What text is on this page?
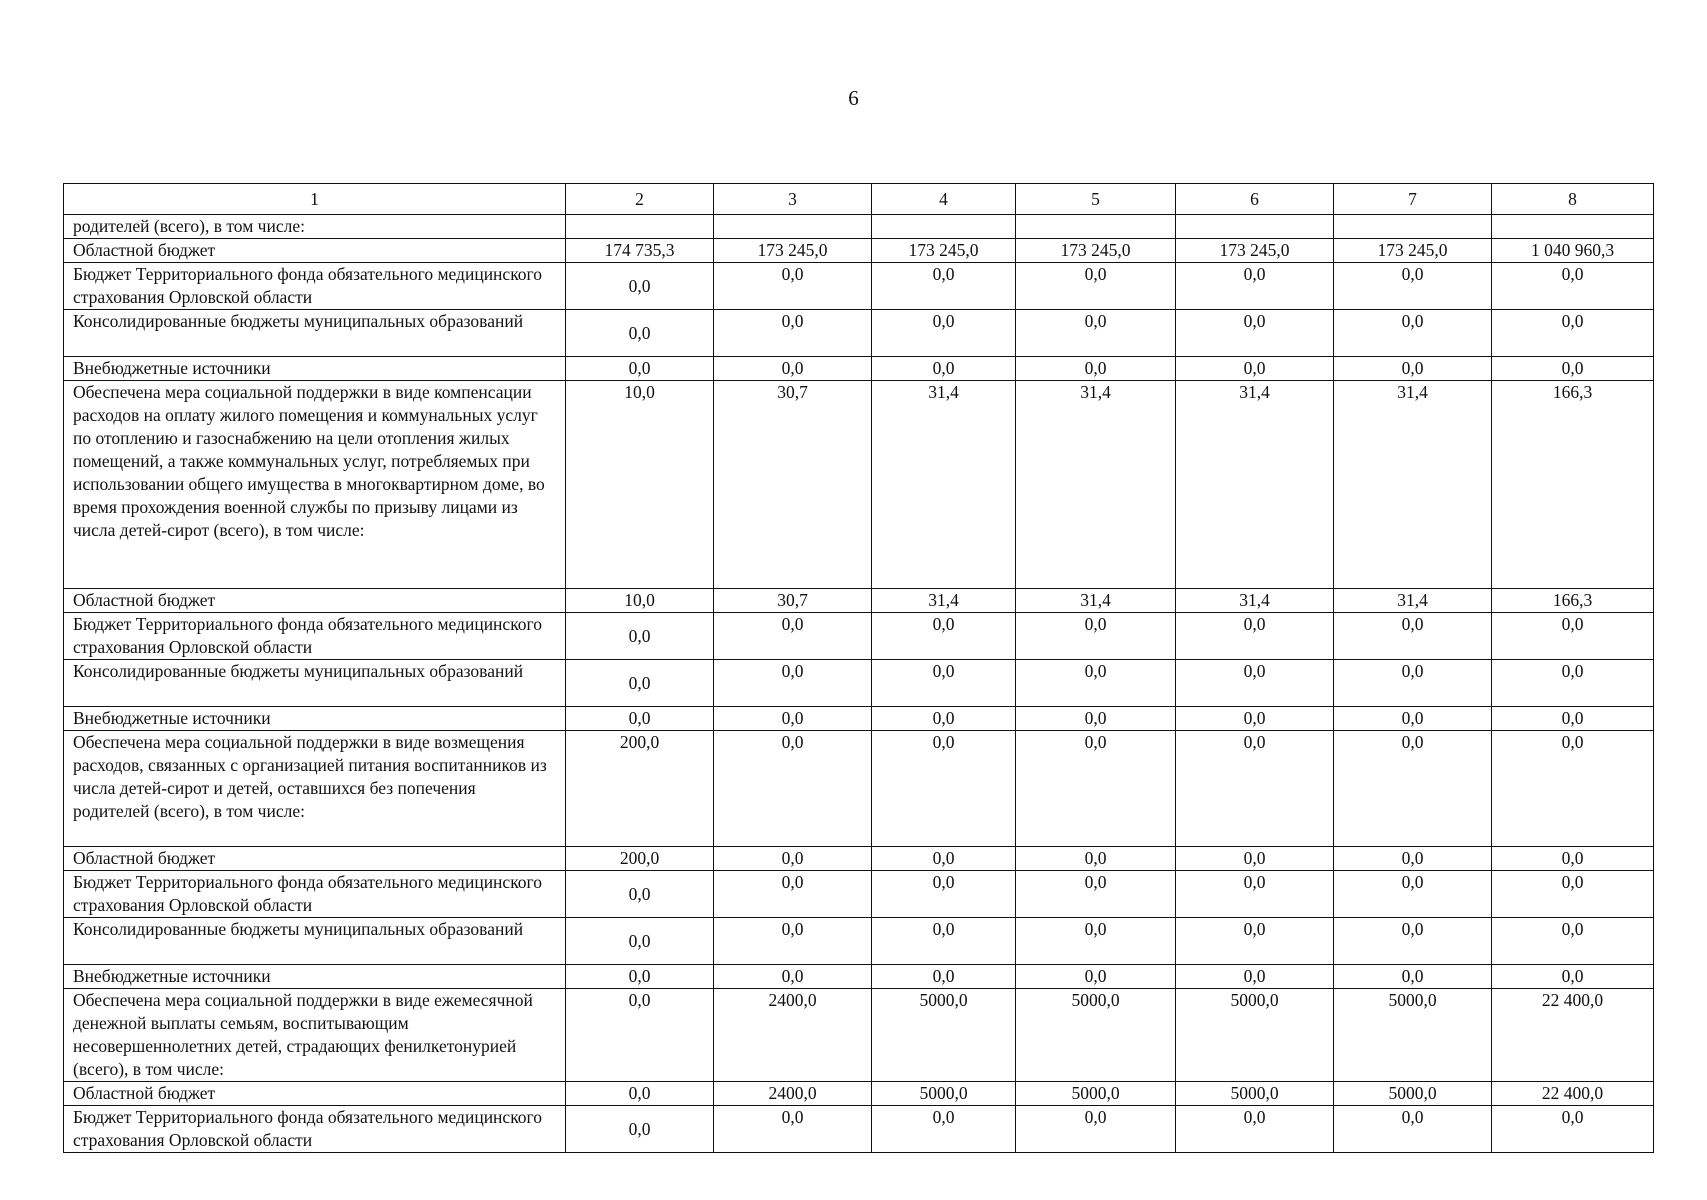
6
1	2	3	4	5	6	7	8
родителей (всего), в том числе:							
Областной бюджет	174 735,3	173 245,0	173 245,0	173 245,0	173 245,0	173 245,0	1 040 960,3
Бюджет Территориального фонда обязательного медицинского страхования Орловской области	0,0	0,0	0,0	0,0	0,0	0,0	0,0
Консолидированные бюджеты муниципальных образований	0,0	0,0	0,0	0,0	0,0	0,0	0,0
Внебюджетные источники	0,0	0,0	0,0	0,0	0,0	0,0	0,0
Обеспечена мера социальной поддержки в виде компенсации расходов на оплату жилого помещения и коммунальных услуг по отоплению и газоснабжению на цели отопления жилых помещений, а также коммунальных услуг, потребляемых при использовании общего имущества в многоквартирном доме, во время прохождения военной службы по призыву лицами из числа детей-сирот (всего), в том числе:	10,0	30,7	31,4	31,4	31,4	31,4	166,3
Областной бюджет	10,0	30,7	31,4	31,4	31,4	31,4	166,3
Бюджет Территориального фонда обязательного медицинского страхования Орловской области	0,0	0,0	0,0	0,0	0,0	0,0	0,0
Консолидированные бюджеты муниципальных образований	0,0	0,0	0,0	0,0	0,0	0,0	0,0
Внебюджетные источники	0,0	0,0	0,0	0,0	0,0	0,0	0,0
Обеспечена мера социальной поддержки в виде возмещения расходов, связанных с организацией питания воспитанников из числа детей-сирот и детей, оставшихся без попечения родителей (всего), в том числе:	200,0	0,0	0,0	0,0	0,0	0,0	0,0
Областной бюджет	200,0	0,0	0,0	0,0	0,0	0,0	0,0
Бюджет Территориального фонда обязательного медицинского страхования Орловской области	0,0	0,0	0,0	0,0	0,0	0,0	0,0
Консолидированные бюджеты муниципальных образований	0,0	0,0	0,0	0,0	0,0	0,0	0,0
Внебюджетные источники	0,0	0,0	0,0	0,0	0,0	0,0	0,0
Обеспечена мера социальной поддержки в виде ежемесячной денежной выплаты семьям, воспитывающим несовершеннолетних детей, страдающих фенилкетонурией (всего), в том числе:	0,0	2400,0	5000,0	5000,0	5000,0	5000,0	22 400,0
Областной бюджет	0,0	2400,0	5000,0	5000,0	5000,0	5000,0	22 400,0
Бюджет Территориального фонда обязательного медицинского страхования Орловской области	0,0	0,0	0,0	0,0	0,0	0,0	0,0
